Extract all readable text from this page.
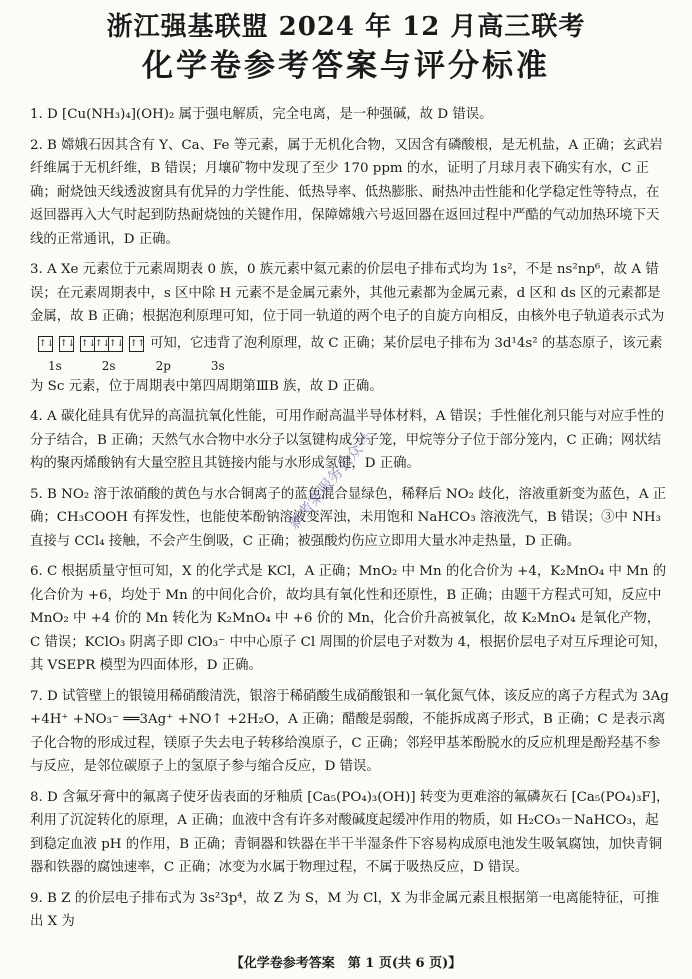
浙江强基联盟 2024 年 12 月高三联考
化学卷参考答案与评分标准

1. D [Cu(NH₃)₄](OH)₂ 属于强电解质，完全电离，是一种强碱，故 D 错误。

2. B 嫦娥石因其含有 Y、Ca、Fe 等元素，属于无机化合物，又因含有磷酸根，是无机盐，A 正确；玄武岩纤维属于无机纤维，B 错误；月壤矿物中发现了至少 170 ppm 的水，证明了月球月表下确实有水，C 正确；耐烧蚀天线透波窗具有优异的力学性能、低热导率、低热膨胀、耐热冲击性能和化学稳定性等特点，在返回器再入大气时起到防热耐烧蚀的关键作用，保障嫦娥六号返回器在返回过程中严酷的气动加热环境下天线的正常通讯，D 正确。

3. A Xe 元素位于元素周期表 0 族，0 族元素中氦元素的价层电子排布式均为 1s²，不是 ns²np⁶，故 A 错误；在元素周期表中，s 区中除 H 元素不是金属元素外，其他元素都为金属元素，d 区和 ds 区的元素都是金属，故 B 正确；根据泡利原理可知，位于同一轨道的两个电子的自旋方向相反，由核外电子轨道表示式为

↑↓ ↑↓ ↑↓
↑↓
↑↓ ↑↑ 可知，它违背了泡利原理，故 C 正确；某价层电子排布为 3d¹4s² 的基态原子，该元素
1s	2s	2p	3s

为 Sc 元素，位于周期表中第四周期第ⅢB 族，故 D 正确。

4. A 碳化硅具有优异的高温抗氧化性能，可用作耐高温半导体材料，A 错误；手性催化剂只能与对应手性的分子结合，B 正确；天然气水合物中水分子以氢键构成分子笼，甲烷等分子位于部分笼内，C 正确；网状结构的聚丙烯酸钠有大量空腔且其链接内能与水形成氢键，D 正确。

5. B NO₂ 溶于浓硝酸的黄色与水合铜离子的蓝色混合显绿色，稀释后 NO₂ 歧化，溶液重新变为蓝色，A 正确；CH₃COOH 有挥发性，也能使苯酚钠溶液变浑浊，未用饱和 NaHCO₃ 溶液洗气，B 错误；③中 NH₃ 直接与 CCl₄ 接触，不会产生倒吸，C 正确；被强酸灼伤应立即用大量水冲走热量，D 正确。

6. C 根据质量守恒可知，X 的化学式是 KCl，A 正确；MnO₂ 中 Mn 的化合价为 +4，K₂MnO₄ 中 Mn 的化合价为 +6，均处于 Mn 的中间化合价，故均具有氧化性和还原性，B 正确；由题干方程式可知，反应中 MnO₂ 中 +4 价的 Mn 转化为 K₂MnO₄ 中 +6 价的 Mn，化合价升高被氧化，故 K₂MnO₄ 是氧化产物，C 错误；KClO₃ 阴离子即 ClO₃⁻ 中中心原子 Cl 周围的价层电子对数为 4，根据价层电子对互斥理论可知，其 VSEPR 模型为四面体形，D 正确。

7. D 试管壁上的银镜用稀硝酸清洗，银溶于稀硝酸生成硝酸银和一氧化氮气体，该反应的离子方程式为 3Ag +4H⁺ +NO₃⁻ ══3Ag⁺ +NO↑ +2H₂O，A 正确；醋酸是弱酸，不能拆成离子形式，B 正确；C 是表示离子化合物的形成过程，镁原子失去电子转移给溴原子，C 正确；邻羟甲基苯酚脱水的反应机理是酚羟基不参与反应，是邻位碳原子上的氢原子参与缩合反应，D 错误。

8. D 含氟牙膏中的氟离子使牙齿表面的牙釉质 [Ca₅(PO₄)₃(OH)] 转变为更难溶的氟磷灰石 [Ca₅(PO₄)₃F]，利用了沉淀转化的原理，A 正确；血液中含有许多对酸碱度起缓冲作用的物质，如 H₂CO₃－NaHCO₃，起到稳定血液 pH 的作用，B 正确；青铜器和铁器在半干半湿条件下容易构成原电池发生吸氧腐蚀，加快青铜器和铁器的腐蚀速率，C 正确；冰变为水属于物理过程，不属于吸热反应，D 错误。

9. B Z 的价层电子排布式为 3s²3p⁴，故 Z 为 S，M 为 Cl，X 为非金属元素且根据第一电离能特征，可推出 X 为

新考案服务公众号
【化学卷参考答案　第 1 页(共 6 页)】
